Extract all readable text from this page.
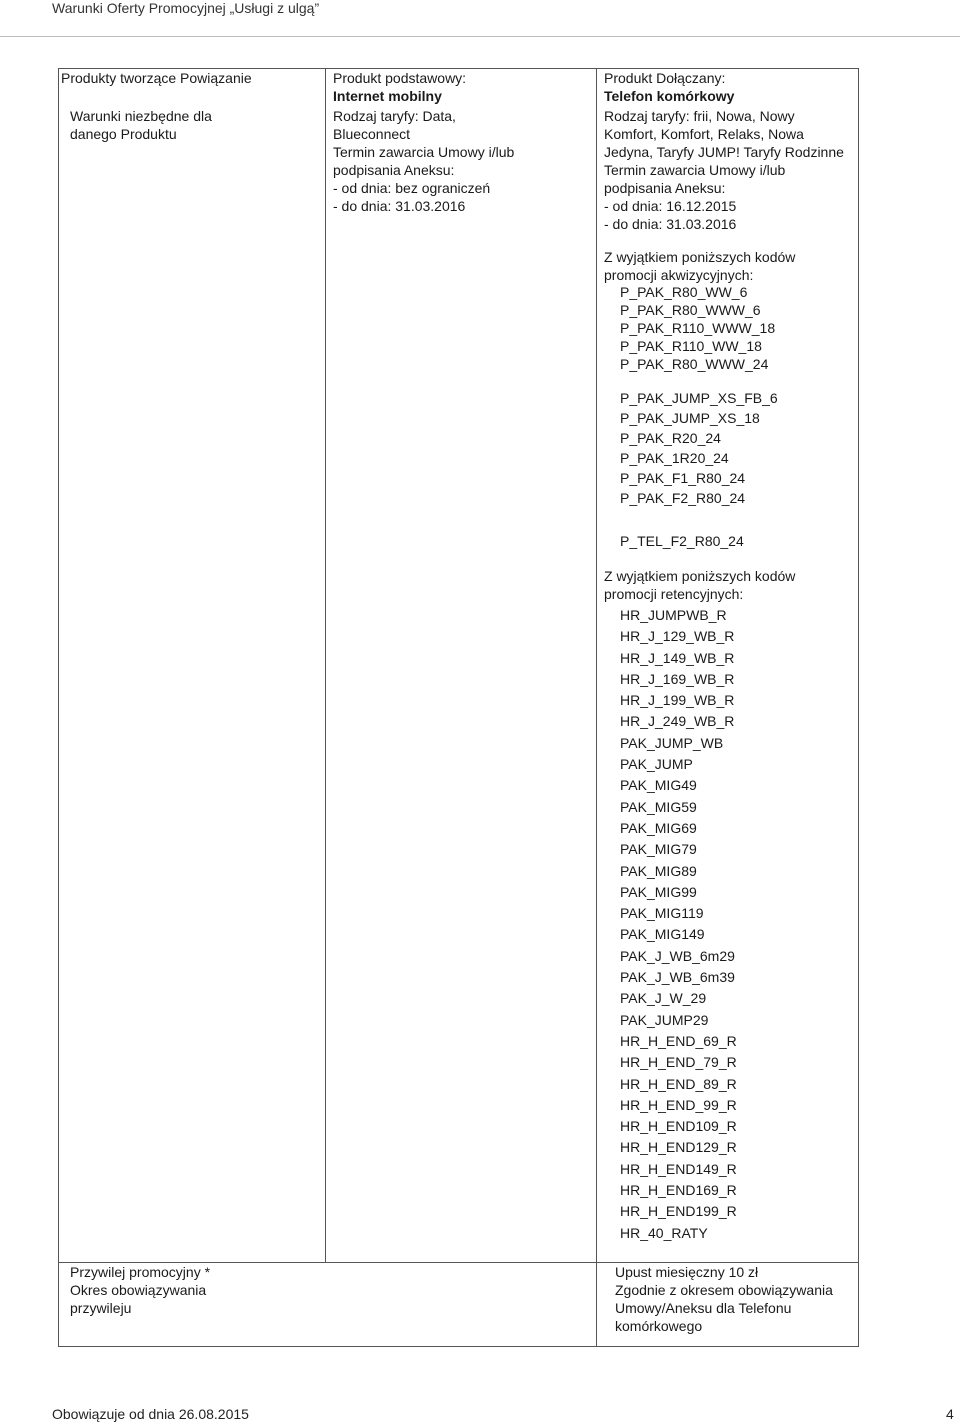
Warunki Oferty Promocyjnej „Usługi z ulgą”
Produkty tworzące Powiązanie	Produkt podstawowy:
Internet mobilny
Produkt Dołączany:
Telefon komórkowy
Warunki niezbędne dla
danego Produktu
Rodzaj taryfy: Data,
Blueconnect
Termin zawarcia Umowy i/lub
podpisania Aneksu:
- od dnia: bez ograniczeń
- do dnia: 31.03.2016
Rodzaj taryfy: frii, Nowa, Nowy
Komfort, Komfort, Relaks, Nowa
Jedyna, Taryfy JUMP! Taryfy Rodzinne
Termin zawarcia Umowy i/lub
podpisania Aneksu:
- od dnia: 16.12.2015
- do dnia: 31.03.2016
Z wyjątkiem poniższych kodów
promocji akwizycyjnych:
P_PAK_R80_WW_6
P_PAK_R80_WWW_6
P_PAK_R110_WWW_18
P_PAK_R110_WW_18
P_PAK_R80_WWW_24
P_PAK_JUMP_XS_FB_6
P_PAK_JUMP_XS_18
P_PAK_R20_24
P_PAK_1R20_24
P_PAK_F1_R80_24
P_PAK_F2_R80_24
P_TEL_F2_R80_24
Z wyjątkiem poniższych kodów
promocji retencyjnych:
HR_JUMPWB_R
HR_J_129_WB_R
HR_J_149_WB_R
HR_J_169_WB_R
HR_J_199_WB_R
HR_J_249_WB_R
PAK_JUMP_WB
PAK_JUMP
PAK_MIG49
PAK_MIG59
PAK_MIG69
PAK_MIG79
PAK_MIG89
PAK_MIG99
PAK_MIG119
PAK_MIG149
PAK_J_WB_6m29
PAK_J_WB_6m39
PAK_J_W_29
PAK_JUMP29
HR_H_END_69_R
HR_H_END_79_R
HR_H_END_89_R
HR_H_END_99_R
HR_H_END109_R
HR_H_END129_R
HR_H_END149_R
HR_H_END169_R
HR_H_END199_R
HR_40_RATY
Przywilej promocyjny *
Okres obowiązywania
przywileju
Upust miesięczny 10 zł
Zgodnie z okresem obowiązywania
Umowy/Aneksu dla Telefonu
komórkowego
Obowiązuje od dnia 26.08.2015	4
